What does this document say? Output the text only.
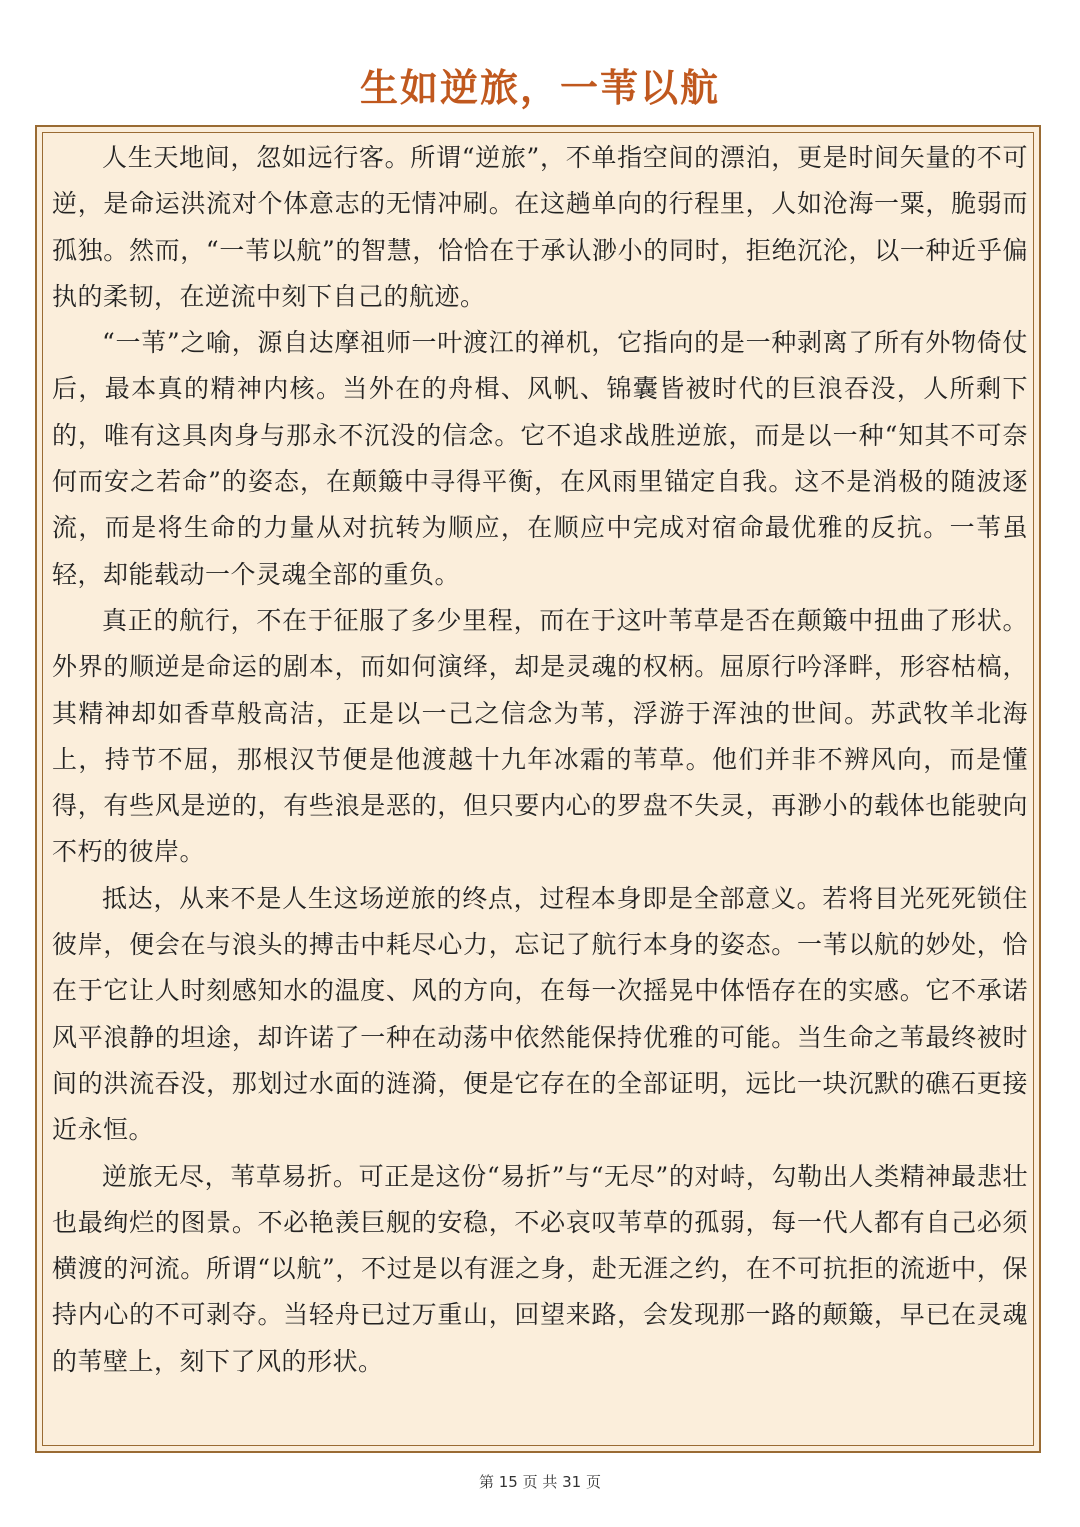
生如逆旅，一苇以航

人生天地间，忽如远行客。所谓“逆旅”，不单指空间的漂泊，更是时间矢量的不可逆，是命运洪流对个体意志的无情冲刷。在这趟单向的行程里，人如沧海一粟，脆弱而孤独。然而，“一苇以航”的智慧，恰恰在于承认渺小的同时，拒绝沉沦，以一种近乎偏执的柔韧，在逆流中刻下自己的航迹。

“一苇”之喻，源自达摩祖师一叶渡江的禅机，它指向的是一种剥离了所有外物倚仗后，最本真的精神内核。当外在的舟楫、风帆、锦囊皆被时代的巨浪吞没，人所剩下的，唯有这具肉身与那永不沉没的信念。它不追求战胜逆旅，而是以一种“知其不可奈何而安之若命”的姿态，在颠簸中寻得平衡，在风雨里锚定自我。这不是消极的随波逐流，而是将生命的力量从对抗转为顺应，在顺应中完成对宿命最优雅的反抗。一苇虽轻，却能载动一个灵魂全部的重负。

真正的航行，不在于征服了多少里程，而在于这叶苇草是否在颠簸中扭曲了形状。外界的顺逆是命运的剧本，而如何演绎，却是灵魂的权柄。屈原行吟泽畔，形容枯槁，其精神却如香草般高洁，正是以一己之信念为苇，浮游于浑浊的世间。苏武牧羊北海上，持节不屈，那根汉节便是他渡越十九年冰霜的苇草。他们并非不辨风向，而是懂得，有些风是逆的，有些浪是恶的，但只要内心的罗盘不失灵，再渺小的载体也能驶向不朽的彼岸。

抵达，从来不是人生这场逆旅的终点，过程本身即是全部意义。若将目光死死锁住彼岸，便会在与浪头的搏击中耗尽心力，忘记了航行本身的姿态。一苇以航的妙处，恰在于它让人时刻感知水的温度、风的方向，在每一次摇晃中体悟存在的实感。它不承诺风平浪静的坦途，却许诺了一种在动荡中依然能保持优雅的可能。当生命之苇最终被时间的洪流吞没，那划过水面的涟漪，便是它存在的全部证明，远比一块沉默的礁石更接近永恒。

逆旅无尽，苇草易折。可正是这份“易折”与“无尽”的对峙，勾勒出人类精神最悲壮也最绚烂的图景。不必艳羡巨舰的安稳，不必哀叹苇草的孤弱，每一代人都有自己必须横渡的河流。所谓“以航”，不过是以有涯之身，赴无涯之约，在不可抗拒的流逝中，保持内心的不可剥夺。当轻舟已过万重山，回望来路，会发现那一路的颠簸，早已在灵魂的苇壁上，刻下了风的形状。

第 15 页 共 31 页
